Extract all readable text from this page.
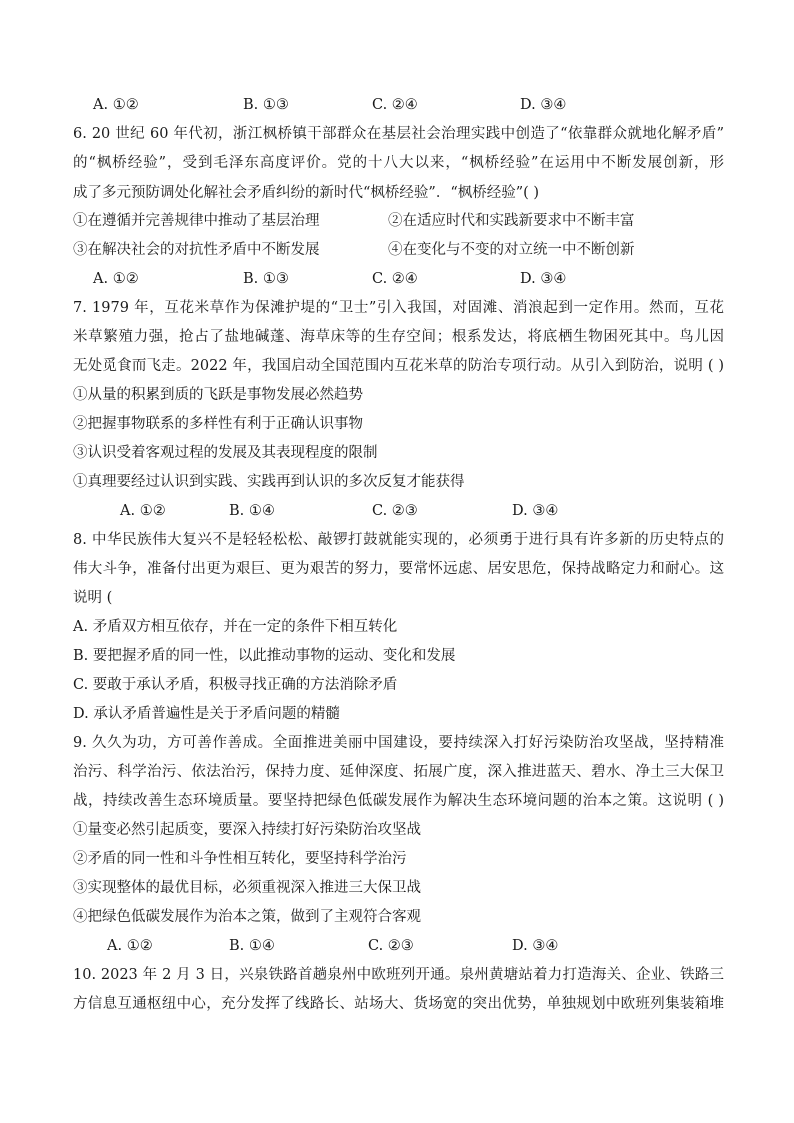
A. ①②	B. ①③	C. ②④	D. ③④
6. 20 世纪 60 年代初，浙江枫桥镇干部群众在基层社会治理实践中创造了“依靠群众就地化解矛盾”
的“枫桥经验”，受到毛泽东高度评价。党的十八大以来，“枫桥经验”在运用中不断发展创新，形
成了多元预防调处化解社会矛盾纠纷的新时代“枫桥经验”．“枫桥经验”( )
①在遵循并完善规律中推动了基层治理	②在适应时代和实践新要求中不断丰富
③在解决社会的对抗性矛盾中不断发展	④在变化与不变的对立统一中不断创新
A. ①②	B. ①③	C. ②④	D. ③④
7. 1979 年，互花米草作为保滩护堤的“卫士”引入我国，对固滩、消浪起到一定作用。然而，互花
米草繁殖力强，抢占了盐地碱蓬、海草床等的生存空间；根系发达，将底栖生物困死其中。鸟儿因
无处觅食而飞走。2022 年，我国启动全国范围内互花米草的防治专项行动。从引入到防治，说明 ( )
①从量的积累到质的飞跃是事物发展必然趋势
②把握事物联系的多样性有利于正确认识事物
③认识受着客观过程的发展及其表现程度的限制
①真理要经过认识到实践、实践再到认识的多次反复才能获得
A. ①②	B. ①④	C. ②③	D. ③④
8. 中华民族伟大复兴不是轻轻松松、敲锣打鼓就能实现的，必须勇于进行具有许多新的历史特点的
伟大斗争，准备付出更为艰巨、更为艰苦的努力，要常怀远虑、居安思危，保持战略定力和耐心。这
说明 (
A. 矛盾双方相互依存，并在一定的条件下相互转化
B. 要把握矛盾的同一性，以此推动事物的运动、变化和发展
C. 要敢于承认矛盾，积极寻找正确的方法消除矛盾
D. 承认矛盾普遍性是关于矛盾问题的精髓
9. 久久为功，方可善作善成。全面推进美丽中国建设，要持续深入打好污染防治攻坚战，坚持精准
治污、科学治污、依法治污，保持力度、延伸深度、拓展广度，深入推进蓝天、碧水、净土三大保卫
战，持续改善生态环境质量。要坚持把绿色低碳发展作为解决生态环境问题的治本之策。这说明 ( )
①量变必然引起质变，要深入持续打好污染防治攻坚战
②矛盾的同一性和斗争性相互转化，要坚持科学治污
③实现整体的最优目标，必须重视深入推进三大保卫战
④把绿色低碳发展作为治本之策，做到了主观符合客观
A. ①②	B. ①④	C. ②③	D. ③④
10. 2023 年 2 月 3 日，兴泉铁路首趟泉州中欧班列开通。泉州黄塘站着力打造海关、企业、铁路三
方信息互通枢纽中心，充分发挥了线路长、站场大、货场宽的突出优势，单独规划中欧班列集装箱堆
